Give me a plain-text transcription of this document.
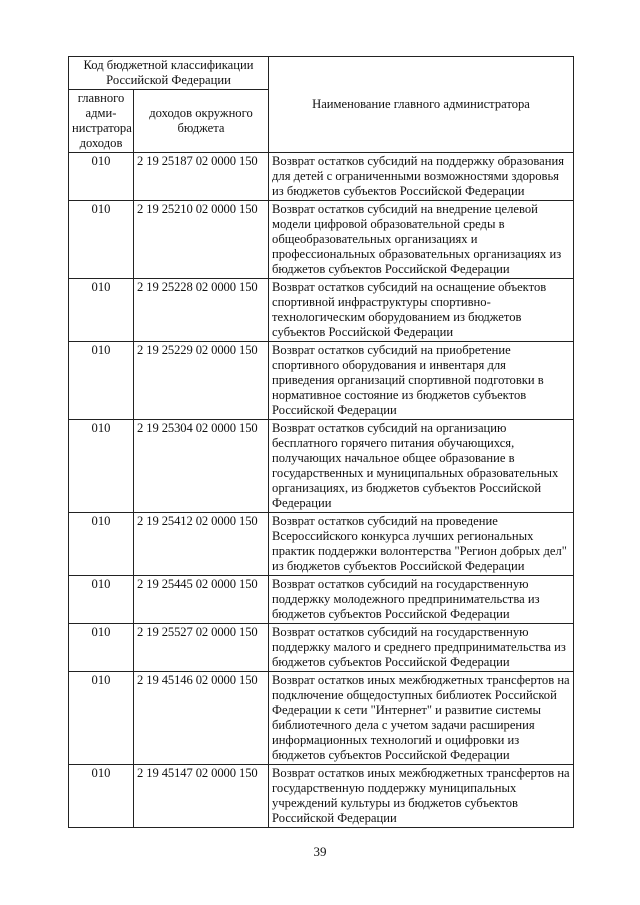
Код бюджетной классификации Российской Федерации		Наименование главного администратора
главного адми-нистратора доходов	доходов окружного бюджета	
010	2 19 25187 02 0000 150	Возврат остатков субсидий на поддержку образования для детей с ограниченными возможностями здоровья из бюджетов субъектов Российской Федерации
010	2 19 25210 02 0000 150	Возврат остатков субсидий на внедрение целевой модели цифровой образовательной среды в общеобразовательных организациях и профессиональных образовательных организациях из бюджетов субъектов Российской Федерации
010	2 19 25228 02 0000 150	Возврат остатков субсидий на оснащение объектов спортивной инфраструктуры спортивно-технологическим оборудованием из бюджетов субъектов Российской Федерации
010	2 19 25229 02 0000 150	Возврат остатков субсидий на приобретение спортивного оборудования и инвентаря для приведения организаций спортивной подготовки в нормативное состояние из бюджетов субъектов Российской Федерации
010	2 19 25304 02 0000 150	Возврат остатков субсидий на организацию бесплатного горячего питания обучающихся, получающих начальное общее образование в государственных и муниципальных образовательных организациях, из бюджетов субъектов Российской Федерации
010	2 19 25412 02 0000 150	Возврат остатков субсидий на проведение Всероссийского конкурса лучших региональных практик поддержки волонтерства "Регион добрых дел" из бюджетов субъектов Российской Федерации
010	2 19 25445 02 0000 150	Возврат остатков субсидий на государственную поддержку молодежного предпринимательства из бюджетов субъектов Российской Федерации
010	2 19 25527 02 0000 150	Возврат остатков субсидий на государственную поддержку малого и среднего предпринимательства из бюджетов субъектов Российской Федерации
010	2 19 45146 02 0000 150	Возврат остатков иных межбюджетных трансфертов на подключение общедоступных библиотек Российской Федерации к сети "Интернет" и развитие системы библиотечного дела с учетом задачи расширения информационных технологий и оцифровки из бюджетов субъектов Российской Федерации
010	2 19 45147 02 0000 150	Возврат остатков иных межбюджетных трансфертов на государственную поддержку муниципальных учреждений культуры из бюджетов субъектов Российской Федерации
39
